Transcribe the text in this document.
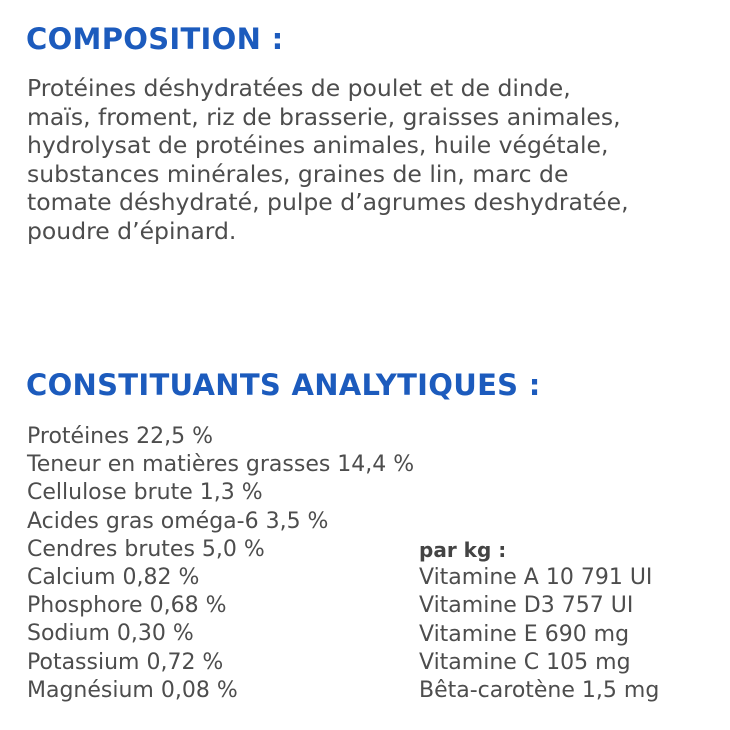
COMPOSITION :

Protéines déshydratées de poulet et de dinde,
maïs, froment, riz de brasserie, graisses animales,
hydrolysat de protéines animales, huile végétale,
substances minérales, graines de lin, marc de
tomate déshydraté, pulpe d’agrumes deshydratée,
poudre d’épinard.

CONSTITUANTS ANALYTIQUES :
Protéines 22,5 %
Teneur en matières grasses 14,4 %
Cellulose brute 1,3 %
Acides gras oméga-6 3,5 %
Cendres brutes 5,0 %
Calcium 0,82 %
Phosphore 0,68 %
Sodium 0,30 %
Potassium 0,72 %
Magnésium 0,08 %
par kg :
Vitamine A 10 791 UI
Vitamine D3 757 UI
Vitamine E 690 mg
Vitamine C 105 mg
Bêta-carotène 1,5 mg
